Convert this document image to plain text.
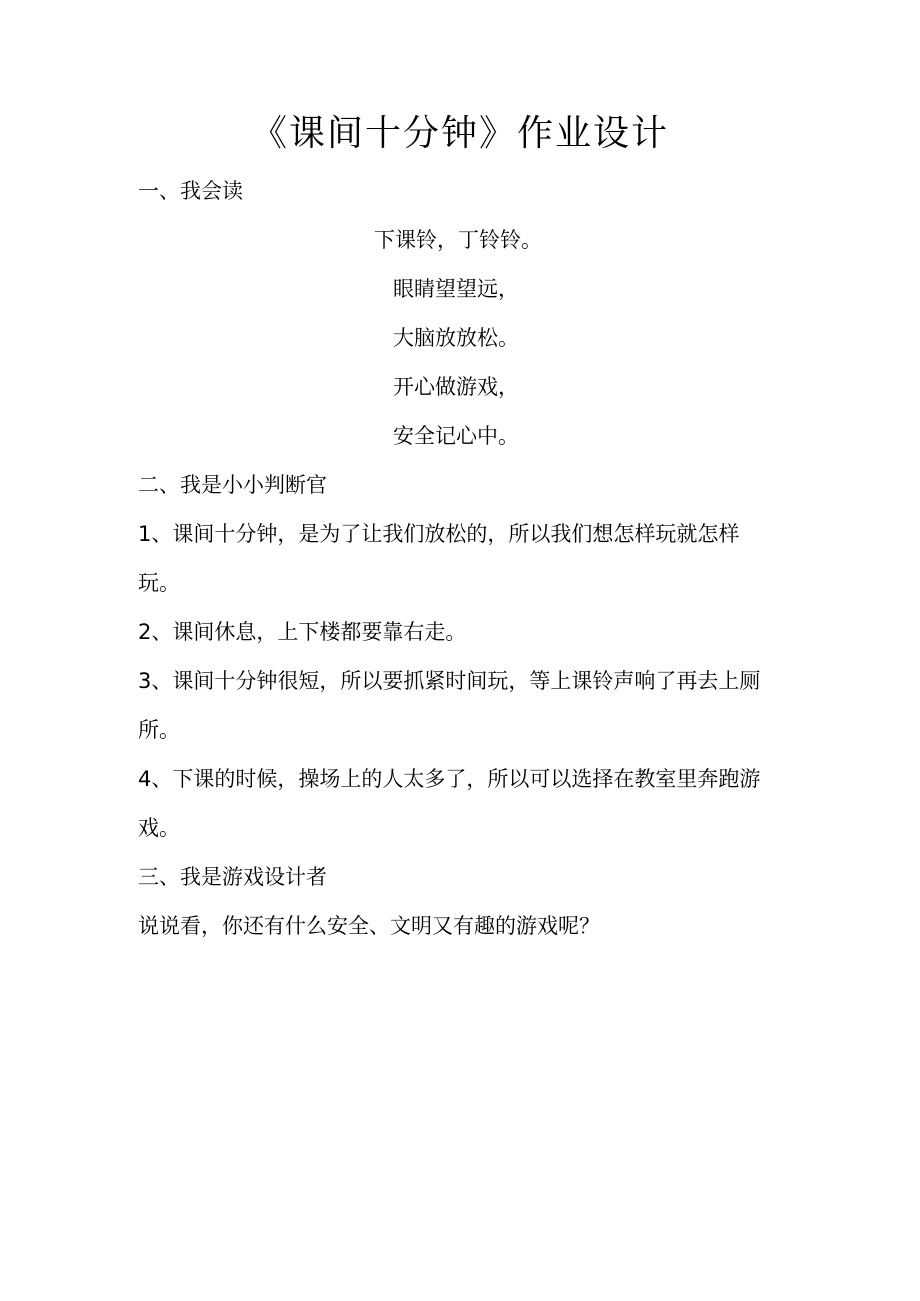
《课间十分钟》作业设计
一、我会读
下课铃，丁铃铃。
眼睛望望远，
大脑放放松。
开心做游戏，
安全记心中。
二、我是小小判断官
1、课间十分钟，是为了让我们放松的，所以我们想怎样玩就怎样
玩。
2、课间休息，上下楼都要靠右走。
3、课间十分钟很短，所以要抓紧时间玩，等上课铃声响了再去上厕
所。
4、下课的时候，操场上的人太多了，所以可以选择在教室里奔跑游
戏。
三、我是游戏设计者
说说看，你还有什么安全、文明又有趣的游戏呢？
